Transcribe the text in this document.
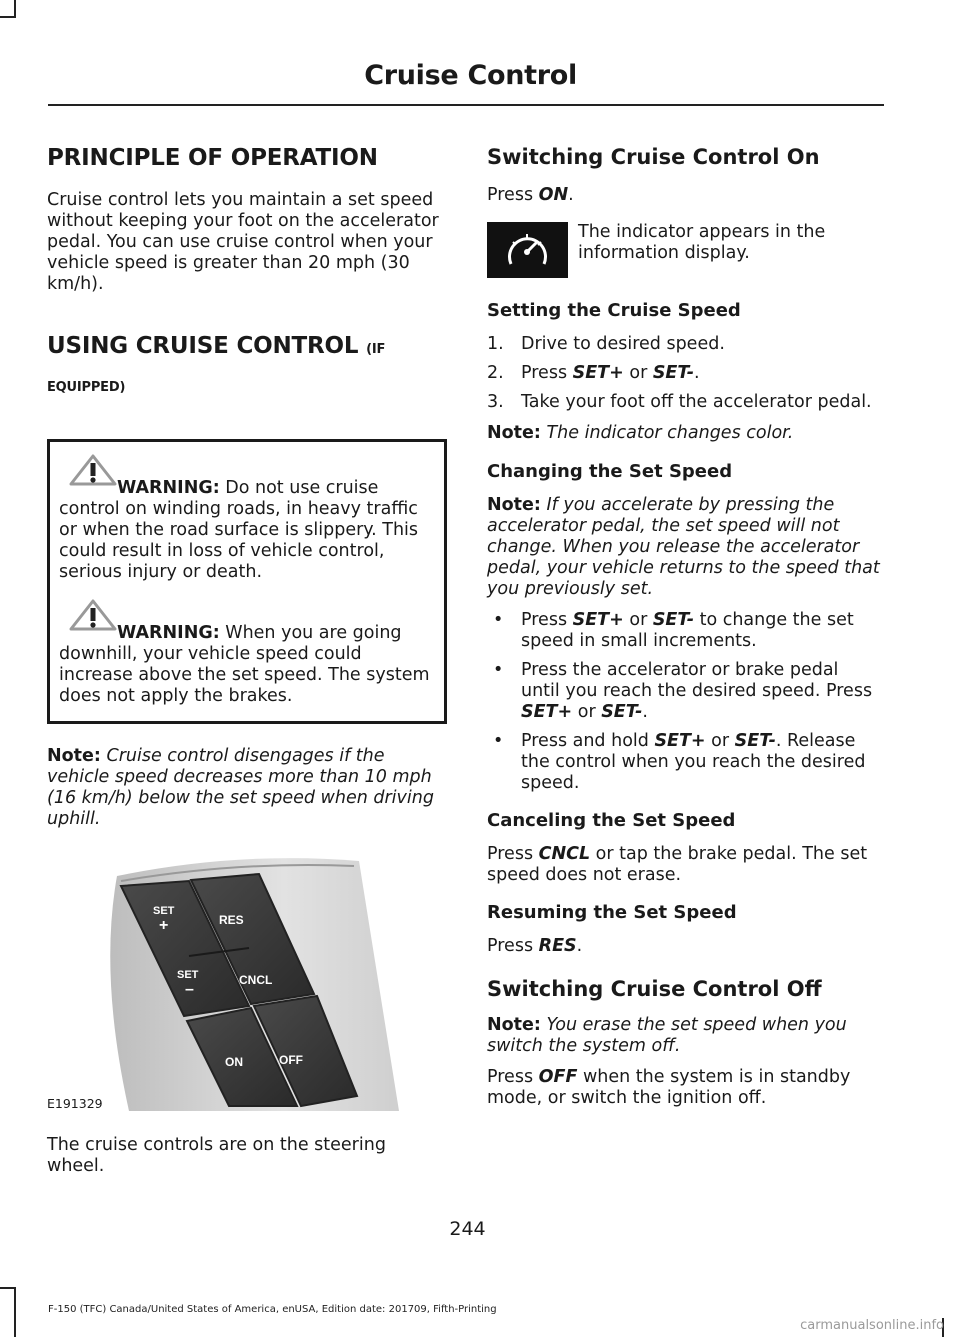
Cruise Control
PRINCIPLE OF OPERATION

Cruise control lets you maintain a set speed without keeping your foot on the accelerator pedal. You can use cruise control when your vehicle speed is greater than 20 mph (30 km/h).

USING CRUISE CONTROL (IF EQUIPPED)

WARNING: Do not use cruise control on winding roads, in heavy traffic or when the road surface is slippery. This could result in loss of vehicle control, serious injury or death.

WARNING: When you are going downhill, your vehicle speed could increase above the set speed. The system does not apply the brakes.

Note: Cruise control disengages if the vehicle speed decreases more than 10 mph (16 km/h) below the set speed when driving uphill.

SET
+	RES
SET
–
CNCL
ON	OFF
E191329

The cruise controls are on the steering wheel.

Switching Cruise Control On

Press ON.

The indicator appears in the information display.

Setting the Cruise Speed
1. Drive to desired speed.
2. Press SET+ or SET-.
3. Take your foot off the accelerator pedal.

Note: The indicator changes color.

Changing the Set Speed

Note: If you accelerate by pressing the accelerator pedal, the set speed will not change. When you release the accelerator pedal, your vehicle returns to the speed that you previously set.

• Press SET+ or SET- to change the set speed in small increments.
• Press the accelerator or brake pedal until you reach the desired speed. Press SET+ or SET-.
• Press and hold SET+ or SET-. Release the control when you reach the desired speed.
Canceling the Set Speed

Press CNCL or tap the brake pedal. The set speed does not erase.

Resuming the Set Speed

Press RES.

Switching Cruise Control Off

Note: You erase the set speed when you switch the system off.

Press OFF when the system is in standby mode, or switch the ignition off.

244
F-150 (TFC) Canada/United States of America, enUSA, Edition date: 201709, Fifth-Printing
carmanualsonline.info
